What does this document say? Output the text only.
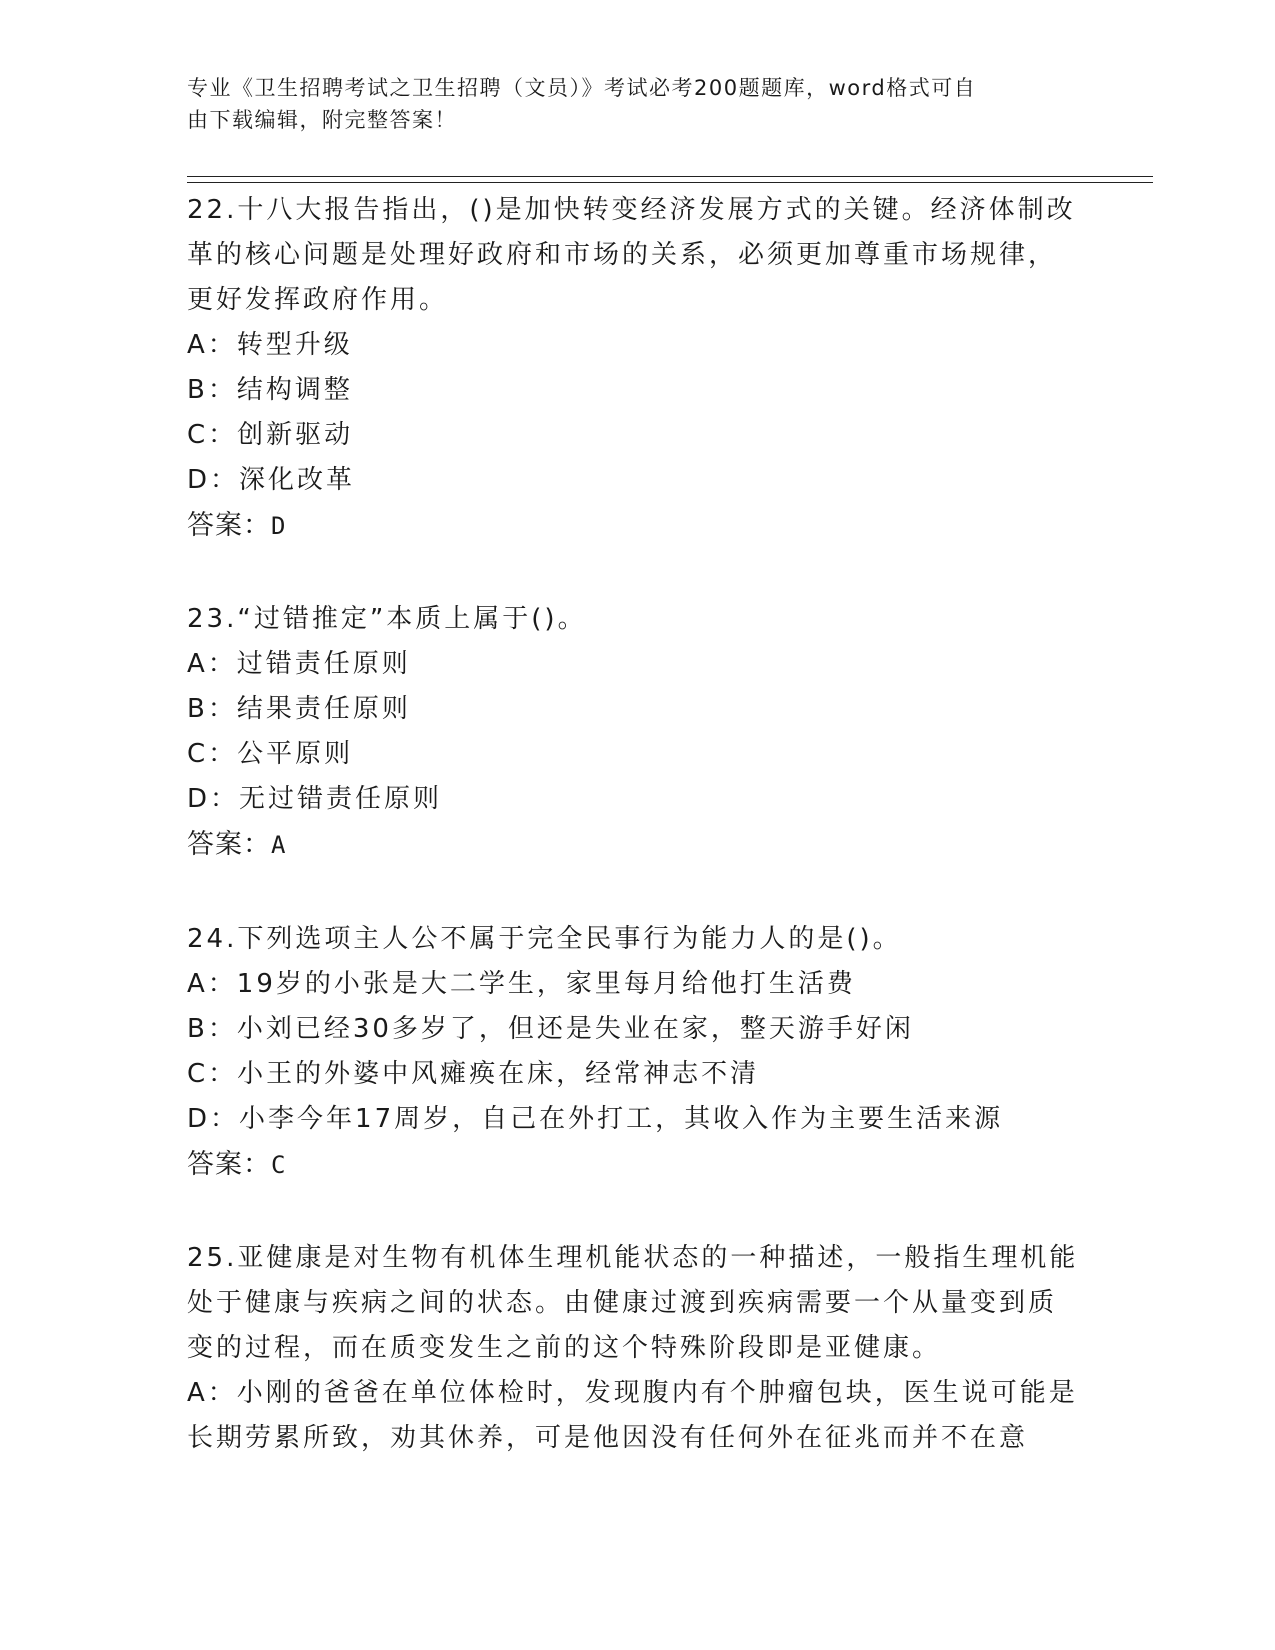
专业《卫生招聘考试之卫生招聘（文员）》考试必考200题题库，word格式可自
由下载编辑，附完整答案！

22.十八大报告指出，()是加快转变经济发展方式的关键。经济体制改

革的核心问题是处理好政府和市场的关系，必须更加尊重市场规律，

更好发挥政府作用。

A：转型升级

B：结构调整

C：创新驱动

D：深化改革

答案：D

23.“过错推定”本质上属于()。

A：过错责任原则

B：结果责任原则

C：公平原则

D：无过错责任原则

答案：A

24.下列选项主人公不属于完全民事行为能力人的是()。

A：19岁的小张是大二学生，家里每月给他打生活费

B：小刘已经30多岁了，但还是失业在家，整天游手好闲

C：小王的外婆中风瘫痪在床，经常神志不清

D：小李今年17周岁，自己在外打工，其收入作为主要生活来源

答案：C

25.亚健康是对生物有机体生理机能状态的一种描述，一般指生理机能

处于健康与疾病之间的状态。由健康过渡到疾病需要一个从量变到质

变的过程，而在质变发生之前的这个特殊阶段即是亚健康。

A：小刚的爸爸在单位体检时，发现腹内有个肿瘤包块，医生说可能是

长期劳累所致，劝其休养，可是他因没有任何外在征兆而并不在意
